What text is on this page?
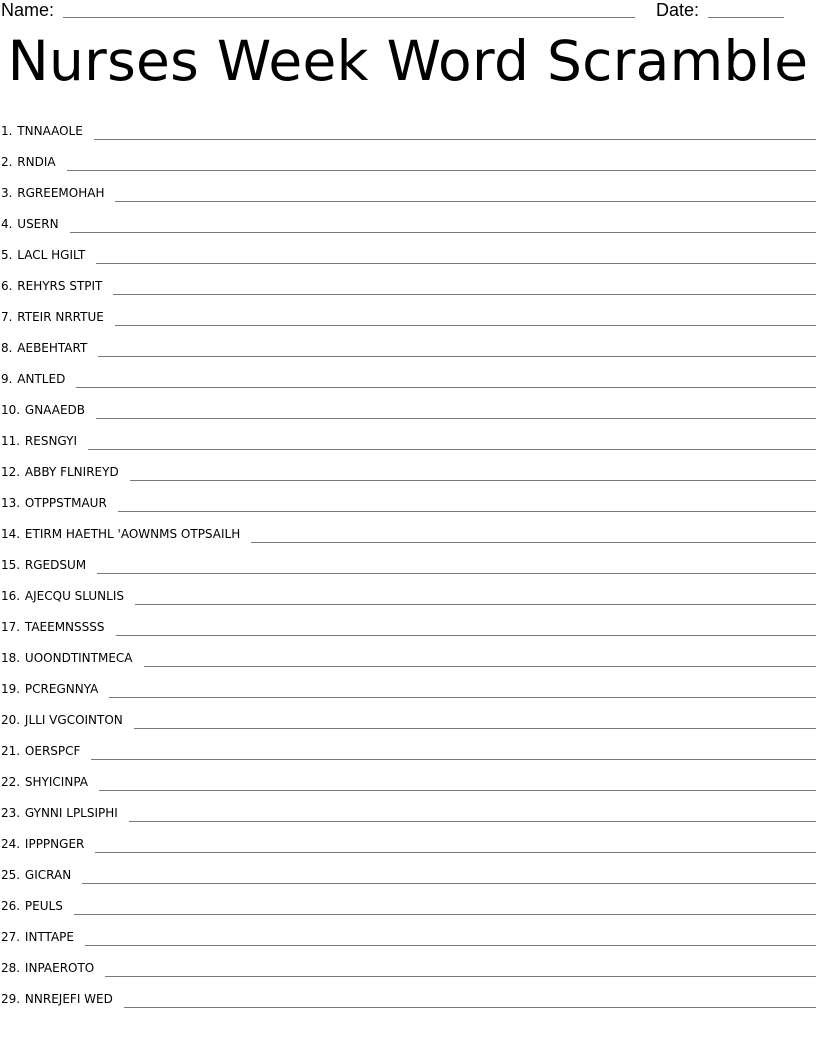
Name:	Date:
Nurses Week Word Scramble
1.
TNNAAOLE
2.
RNDIA
3.
RGREEMOHAH
4.
USERN
5.
LACL HGILT
6.
REHYRS STPIT
7.
RTEIR NRRTUE
8.
AEBEHTART
9.
ANTLED
10.
GNAAEDB
11.
RESNGYI
12.
ABBY FLNIREYD
13.
OTPPSTMAUR
14.
ETIRM HAETHL 'AOWNMS OTPSAILH
15.
RGEDSUM
16.
AJECQU SLUNLIS
17.
TAEEMNSSSS
18.
UOONDTINTMECA
19.
PCREGNNYA
20.
JLLI VGCOINTON
21.
OERSPCF
22.
SHYICINPA
23.
GYNNI LPLSIPHI
24.
IPPPNGER
25.
GICRAN
26.
PEULS
27.
INTTAPE
28.
INPAEROTO
29.
NNREJEFI WED
